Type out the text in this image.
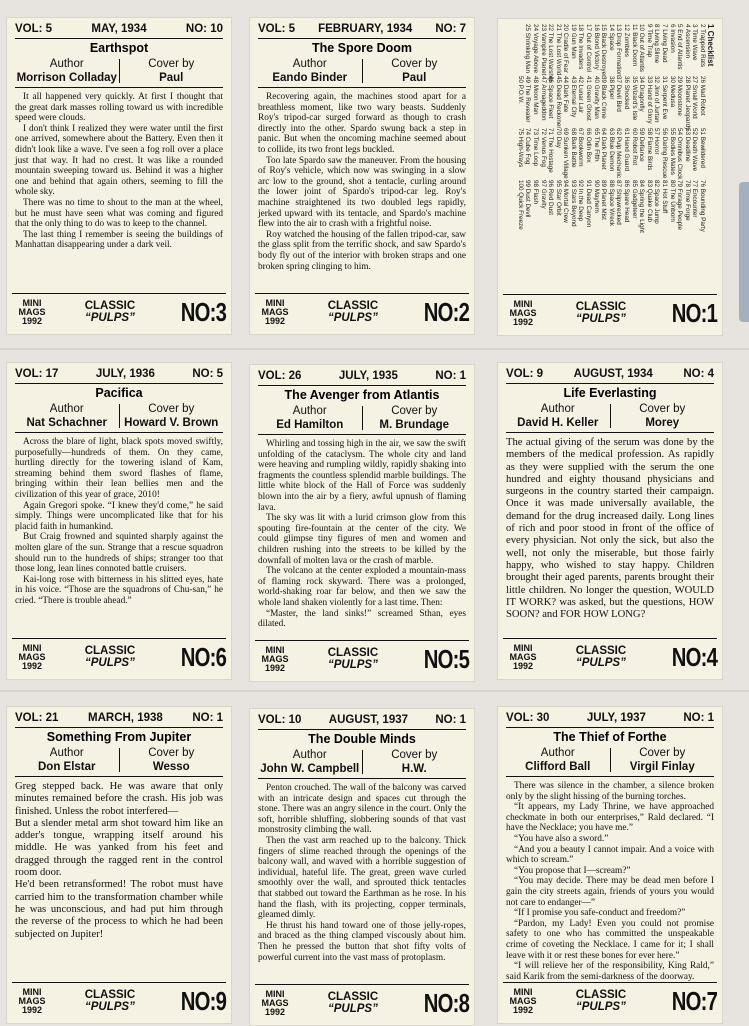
VOL: 5	MAY, 1934	NO: 10
Earthspot
Author
Morrison Colladay
Cover by
Paul

It all happened very quickly. At first I thought that the great dark masses rolling toward us with incredible speed were clouds.

I don't think I realized they were water until the first one arrived, somewhere about the Battery. Even then it didn't look like a wave. I've seen a fog roll over a place just that way. It had no crest. It was like a rounded mountain sweeping toward us. Behind it was a higher one and behind that again others, seeming to fill the whole sky.

There was no time to shout to the man at the wheel, but he must have seen what was coming and figured that the only thing to do was to keep to the channel.

The last thing I remember is seeing the buildings of Manhattan disappearing under a dark veil.

MINI
MAGS
1992
CLASSIC
“PULPS”	NO:3
VOL: 5 FEBRUARY, 1934 NO: 7
The Spore Doom
Author
Eando Binder
Cover by
Paul

Recovering again, the machines stood apart for a breathless moment, like two wary beasts. Suddenly Roy's tripod-car surged forward as though to crash directly into the other. Spardo swung back a step in panic. But when the oncoming machine seemed about to collide, its two front legs buckled.

Too late Spardo saw the maneuver. From the housing of Roy's vehicle, which now was swinging in a slow arc low to the ground, shot a tentacle, curling around the lower joint of Spardo's tripod-car leg. Roy's machine straightened its two doubled legs rapidly, jerked upward with its tentacle, and Spardo's machine flew into the air to crash with a frightful noise.

Roy watched the housing of the fallen tripod-car, saw the glass split from the terrific shock, and saw Spardo's body fly out of the interior with broken straps and one broken spring clinging to him.

MINI
MAGS
1992
CLASSIC
“PULPS”	NO:2
VOL: 17	JULY, 1936	NO: 5
Pacifica
Author
Nat Schachner
Cover by
Howard V. Brown

Across the blare of light, black spots moved swiftly, purposefully—hundreds of them. On they came, hurtling directly for the towering island of Kam, streaming behind them sword flashes of flame, bringing within their lean bellies men and the civilization of this year of grace, 2010!

Again Gregori spoke. “I knew they'd come,” he said simply. Things were uncomplicated like that for his placid faith in humankind.

But Craig frowned and squinted sharply against the molten glare of the sun. Strange that a rescue squadron should run to the hundreds of ships; stranger too that those long, lean lines connoted battle cruisers.

Kai-long rose with bitterness in his slitted eyes, hate in his voice. “Those are the squadrons of Chu-san,” he cried. “There is trouble ahead.”

MINI
MAGS
1992
CLASSIC
“PULPS”	NO:6
VOL: 26	JULY, 1935	NO: 1
The Avenger from Atlantis
Author
Ed Hamilton
Cover by
M. Brundage

Whirling and tossing high in the air, we saw the swift unfolding of the cataclysm. The whole city and land were heaving and rumpling wildly, rapidly shaking into fragments the countless splendid marble buildings. The little white block of the Hall of Force was suddenly blown into the air by a fiery, awful upnush of flaming lava.

The sky was lit with a lurid crimson glow from this spouting fire-fountain at the center of the city. We could glimpse tiny figures of men and women and children rushing into the streets to be killed by the downfall of molten lava or the crash of marble.

The volcano at the center exploded a mountain-mass of flaming rock skyward. There was a prolonged, world-shaking roar far below, and then we saw the whole land shaken violently for a last time. Then:

“Master, the land sinks!” screamed Sthan, eyes dilated.

MINI
MAGS
1992
CLASSIC
“PULPS”	NO:5
VOL: 9	AUGUST, 1934	NO: 4
Life Everlasting
Author
David H. Keller
Cover by
Morey

The actual giving of the serum was done by the members of the medical profession. As rapidly as they were supplied with the serum the one hundred and eighty thousand physicians and surgeons in the country started their campaign. Once it was made universally available, the demand for the drug increased daily. Long lines of rich and poor stood in front of the office of every physician. Not only the sick, but also the well, not only the miserable, but those fairly happy, who wished to stay happy. Children brought their aged parents, parents brought their little children. No longer the question, WOULD IT WORK? was asked, but the questions, HOW SOON? and FOR HOW LONG?

MINI
MAGS
1992
CLASSIC
“PULPS”	NO:4
VOL: 21	MARCH, 1938	NO: 1
Something From Jupiter
Author
Don Elstar
Cover by
Wesso

Greg stepped back. He was aware that only minutes remained before the crash. His job was finished. Unless the robot interfered—

But a slender metal arm shot toward him like an adder's tongue, wrapping itself around his middle. He was yanked from his feet and dragged through the ragged rent in the control room door.

He'd been retransformed! The robot must have carried him to the transformation chamber while he was unconscious, and had put him through the reverse of the process to which he had been subjected on Jupiter!

MINI
MAGS
1992
CLASSIC
“PULPS”	NO:9
VOL: 10 AUGUST, 1937 NO: 1
The Double Minds
Author
John W. Campbell
Cover by
H.W.

Penton crouched. The wall of the balcony was carved with an intricate design and spaces cut through the stone. There was an angry silence in the court. Only the soft, horrible shluffing, slobbering sounds of that vast monstrosity climbing the wall.

Then the vast arm reached up to the balcony. Thick fingers of slime reached through the openings of the balcony wall, and waved with a horrible suggestion of individual, hateful life. The great, green wave curled smoothly over the wall, and sprouted thick tentacles that stabbed out toward the Earthman as he rose. In his hand the flash, with its projecting, copper terminals, gleamed dimly.

He thrust his hand toward one of those jelly-ropes, and braced as the thing clamped viscously about him. Then he pressed the button that shot fifty volts of powerful current into the vast mass of protoplasm.

MINI
MAGS
1992
CLASSIC
“PULPS”	NO:8
VOL: 30	JULY, 1937	NO: 1
The Thief of Forthe
Author
Clifford Ball
Cover by
Virgil Finlay

There was silence in the chamber, a silence broken only by the slight hissing of the burning torches.

“It appears, my Lady Thrine, we have approached checkmate in both our enterprises,” Rald declared. “I have the Necklace; you have me.”

“You have also a sword.”

“And you a beauty I cannot impair. And a voice with which to scream.”

“You propose that I—scream?”

“You may decide. There may be dead men before I gain the city streets again, friends of yours you would not care to endanger—”

“If I promise you safe-conduct and freedom?”

“Pardon, my Lady! Even you could not promise safety to one who has committed the unspeakable crime of coveting the Necklace. I came for it; I shall leave with it or rest these bones for ever here.”

“I will relieve her of the responsibility, King Rald,” said Karik from the semi-darkness of the doorway.

MINI
MAGS
1992
CLASSIC
“PULPS”	NO:7
1 Checklist
2 Trapped Rats
3 Time Wave
4 Ascension
5 End of Atlantis
6 Invasion
7 Living Dead
8 Living Slime
9 Time Trap
10 Out of Atlantis
11 Black Doom
12 Zombies
13 Drop Formation
14 Space
15 Black Destroyer
16 Blond Victory
17 Out of Control
18 The Invaders
19 Gun Man
20 Cradle of Fear
21 The Lost World
22 The Lost Warship
23 Vampire Planet
24 Voyage Above
25 Shrinking Man
26 Mad Robot
27 Small World
28 Planet Jeopardy
29 Moonstone
30 Medusa
31 Serpent Eve
32 Jinn of Jurtan
33 Hand of Glory
34 Dragonfly
35 Wizard's Isle
36 Shocked
37 Devil Bird
38 Piper
39 Black Crime
40 Gravity Man
41 Green Ghost
42 Lunar Lair
43 Eternal City
44 Dark Fate
45 Dead Reckoner
46 Space Fleet
47 Armageddon
48 Moon Man
49 The Revealer
50 P.O.W.
51 Bewildered
52 Death Wave
53 Deadline
54 Omnibus Clock
55 Bodies Mates
56 Daring Rescue
57 Horror
58 Flame Birds
59 Defiance
60 Robot Rot
61 Hand Guard
62 Pulp Mechanic
63 Blue Demon
64 Dark Planet
65 The Fifth
66 Odin Box
67 Bookworm
68 Bark Battle
69 Sunken Village
70 Day
71 The Hostage
72 Venus Fog
73 Time Loop
74 Cube Fog
75 High-Ways
76 Bounding Party
77 Encounter
78 Time Forge
79 Forage People
80 The Unborn
81 Hot Stuff
82 Space Jump
83 Quake Club
84 Spring the Light
85 Gadgeteer
86 Spare Head
87 Shipwrecked
88 Space Wreck
89 Planet Mist
90 Mayhem
91 Dead Canyon
92 In the Deep
93 Stars Beyond
94 Mortal Crew
95 Star Orbit
96 Red Dust
97 Gravity
98 Flash
99 Dust Devil
100 Quick Freeze
MINI
MAGS
1992
CLASSIC
“PULPS”	NO:1
